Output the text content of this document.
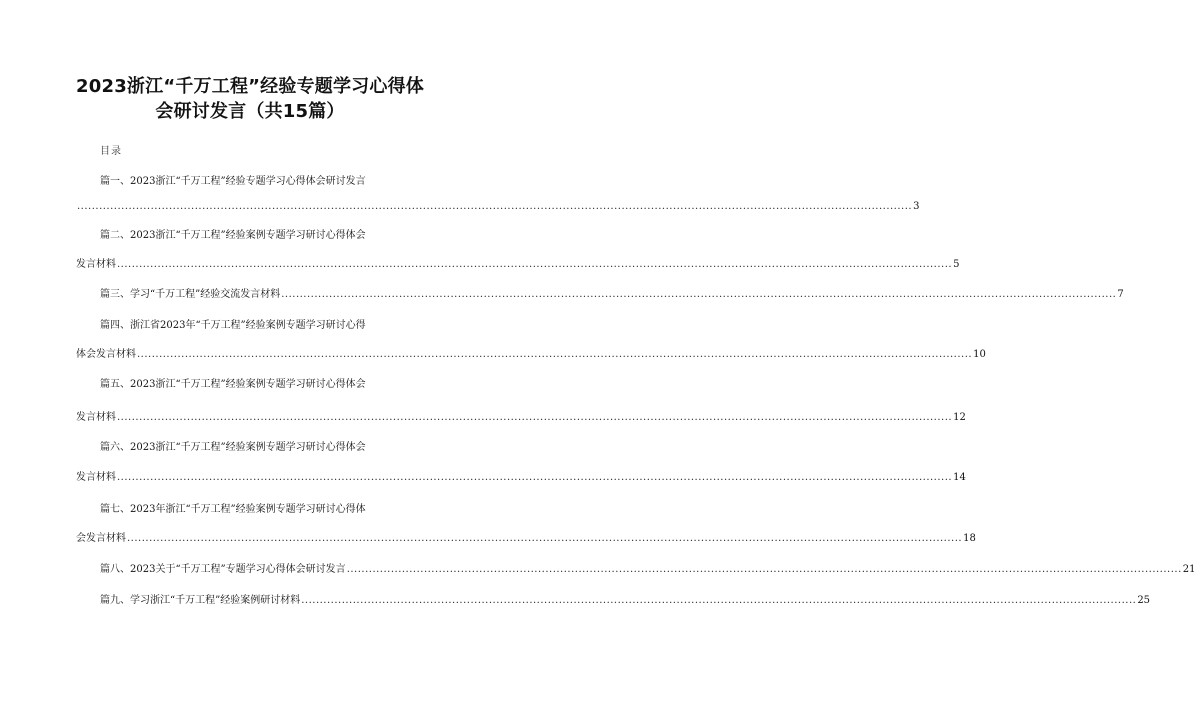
2023浙江“千万工程”经验专题学习心得体
会研讨发言（共15篇）
目录
篇一、2023浙江“千万工程”经验专题学习心得体会研讨发言
................................................................................................................................................................................................................................... 3
篇二、2023浙江“千万工程”经验案例专题学习研讨心得体会
发言材料 ................................................................................................................................................................................................................................... 5
篇三、学习“千万工程”经验交流发言材料 ................................................................................................................................................................................................................................... 7
篇四、浙江省2023年“千万工程”经验案例专题学习研讨心得
体会发言材料 ................................................................................................................................................................................................................................... 10
篇五、2023浙江“千万工程”经验案例专题学习研讨心得体会
发言材料 ................................................................................................................................................................................................................................... 12
篇六、2023浙江“千万工程”经验案例专题学习研讨心得体会
发言材料 ................................................................................................................................................................................................................................... 14
篇七、2023年浙江“千万工程”经验案例专题学习研讨心得体
会发言材料 ................................................................................................................................................................................................................................... 18
篇八、2023关于“千万工程”专题学习心得体会研讨发言 ................................................................................................................................................................................................................................... 21
篇九、学习浙江“千万工程”经验案例研讨材料 ................................................................................................................................................................................................................................... 25
